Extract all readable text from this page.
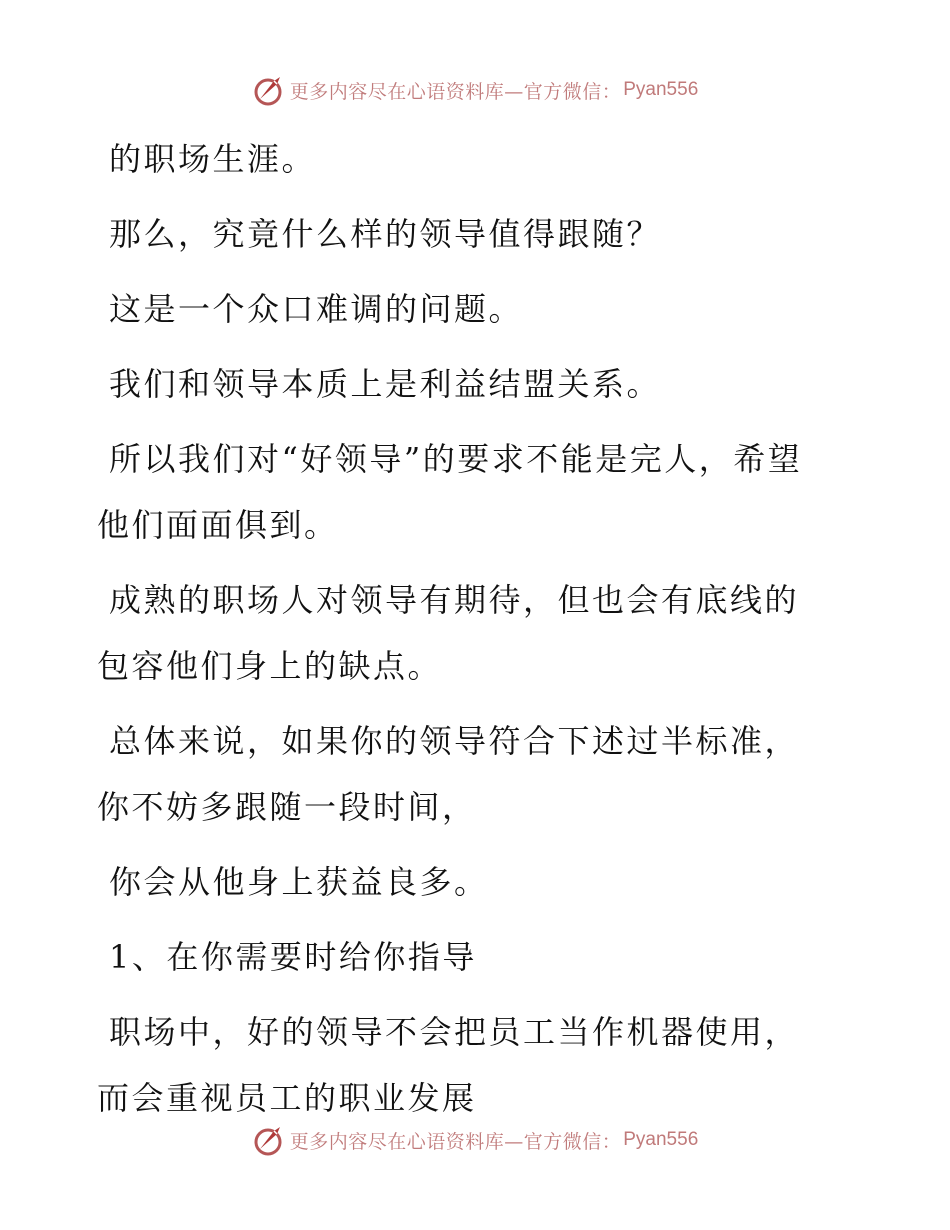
更多内容尽在心语资料库—官方微信： Pyan556

的职场生涯。

那么，究竟什么样的领导值得跟随？

这是一个众口难调的问题。

我们和领导本质上是利益结盟关系。

所以我们对“好领导”的要求不能是完人，希望他们面面俱到。

成熟的职场人对领导有期待，但也会有底线的包容他们身上的缺点。

总体来说，如果你的领导符合下述过半标准，你不妨多跟随一段时间，

你会从他身上获益良多。

1、在你需要时给你指导

职场中，好的领导不会把员工当作机器使用，而会重视员工的职业发展

更多内容尽在心语资料库—官方微信： Pyan556
